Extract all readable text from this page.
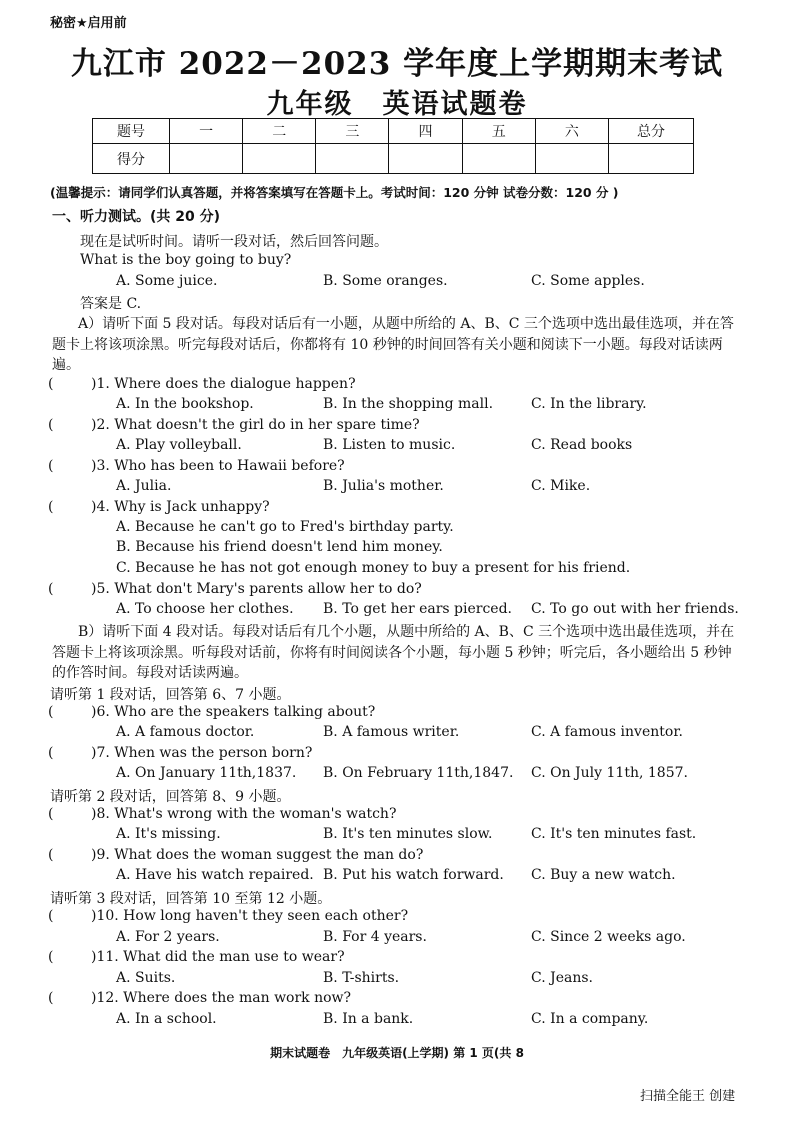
秘密★启用前
九江市 2022－2023 学年度上学期期末考试
九年级　英语试题卷
题号	一	二	三	四	五	六	总分
得分							
(温馨提示：请同学们认真答题，并将答案填写在答题卡上。考试时间：120 分钟 试卷分数：120 分 )
一、听力测试。(共 20 分)
现在是试听时间。请听一段对话，然后回答问题。
What is the boy going to buy?
A. Some juice.	B. Some oranges.	C. Some apples.
答案是 C.
A）请听下面 5 段对话。每段对话后有一小题，从题中所给的 A、B、C 三个选项中选出最佳选项，并在答题卡上将该项涂黑。听完每段对话后，你都将有 10 秒钟的时间回答有关小题和阅读下一小题。每段对话读两遍。
(	)1. Where does the dialogue happen?
A. In the bookshop.	B. In the shopping mall.	C. In the library.
(	)2. What doesn't the girl do in her spare time?
A. Play volleyball.	B. Listen to music.	C. Read books
(	)3. Who has been to Hawaii before?
A. Julia.	B. Julia's mother.	C. Mike.
(	)4. Why is Jack unhappy?
A. Because he can't go to Fred's birthday party.
B. Because his friend doesn't lend him money.
C. Because he has not got enough money to buy a present for his friend.
(	)5. What don't Mary's parents allow her to do?
A. To choose her clothes. B. To get her ears pierced. C. To go out with her friends.
B）请听下面 4 段对话。每段对话后有几个小题，从题中所给的 A、B、C 三个选项中选出最佳选项，并在答题卡上将该项涂黑。听每段对话前，你将有时间阅读各个小题，每小题 5 秒钟；听完后，各小题给出 5 秒钟的作答时间。每段对话读两遍。
请听第 1 段对话，回答第 6、7 小题。
(	)6. Who are the speakers talking about?
A. A famous doctor.	B. A famous writer.	C. A famous inventor.
(	)7. When was the person born?
A. On January 11th,1837. B. On February 11th,1847. C. On July 11th, 1857.
请听第 2 段对话，回答第 8、9 小题。
(	)8. What's wrong with the woman's watch?
A. It's missing.	B. It's ten minutes slow.	C. It's ten minutes fast.
(	)9. What does the woman suggest the man do?
A. Have his watch repaired. B. Put his watch forward. C. Buy a new watch.
请听第 3 段对话，回答第 10 至第 12 小题。
(	)10. How long haven't they seen each other?
A. For 2 years.	B. For 4 years.	C. Since 2 weeks ago.
(	)11. What did the man use to wear?
A. Suits.	B. T-shirts.	C. Jeans.
(	)12. Where does the man work now?
A. In a school.	B. In a bank.	C. In a company.
期末试题卷　九年级英语(上学期) 第 1 页(共 8
扫描全能王 创建
